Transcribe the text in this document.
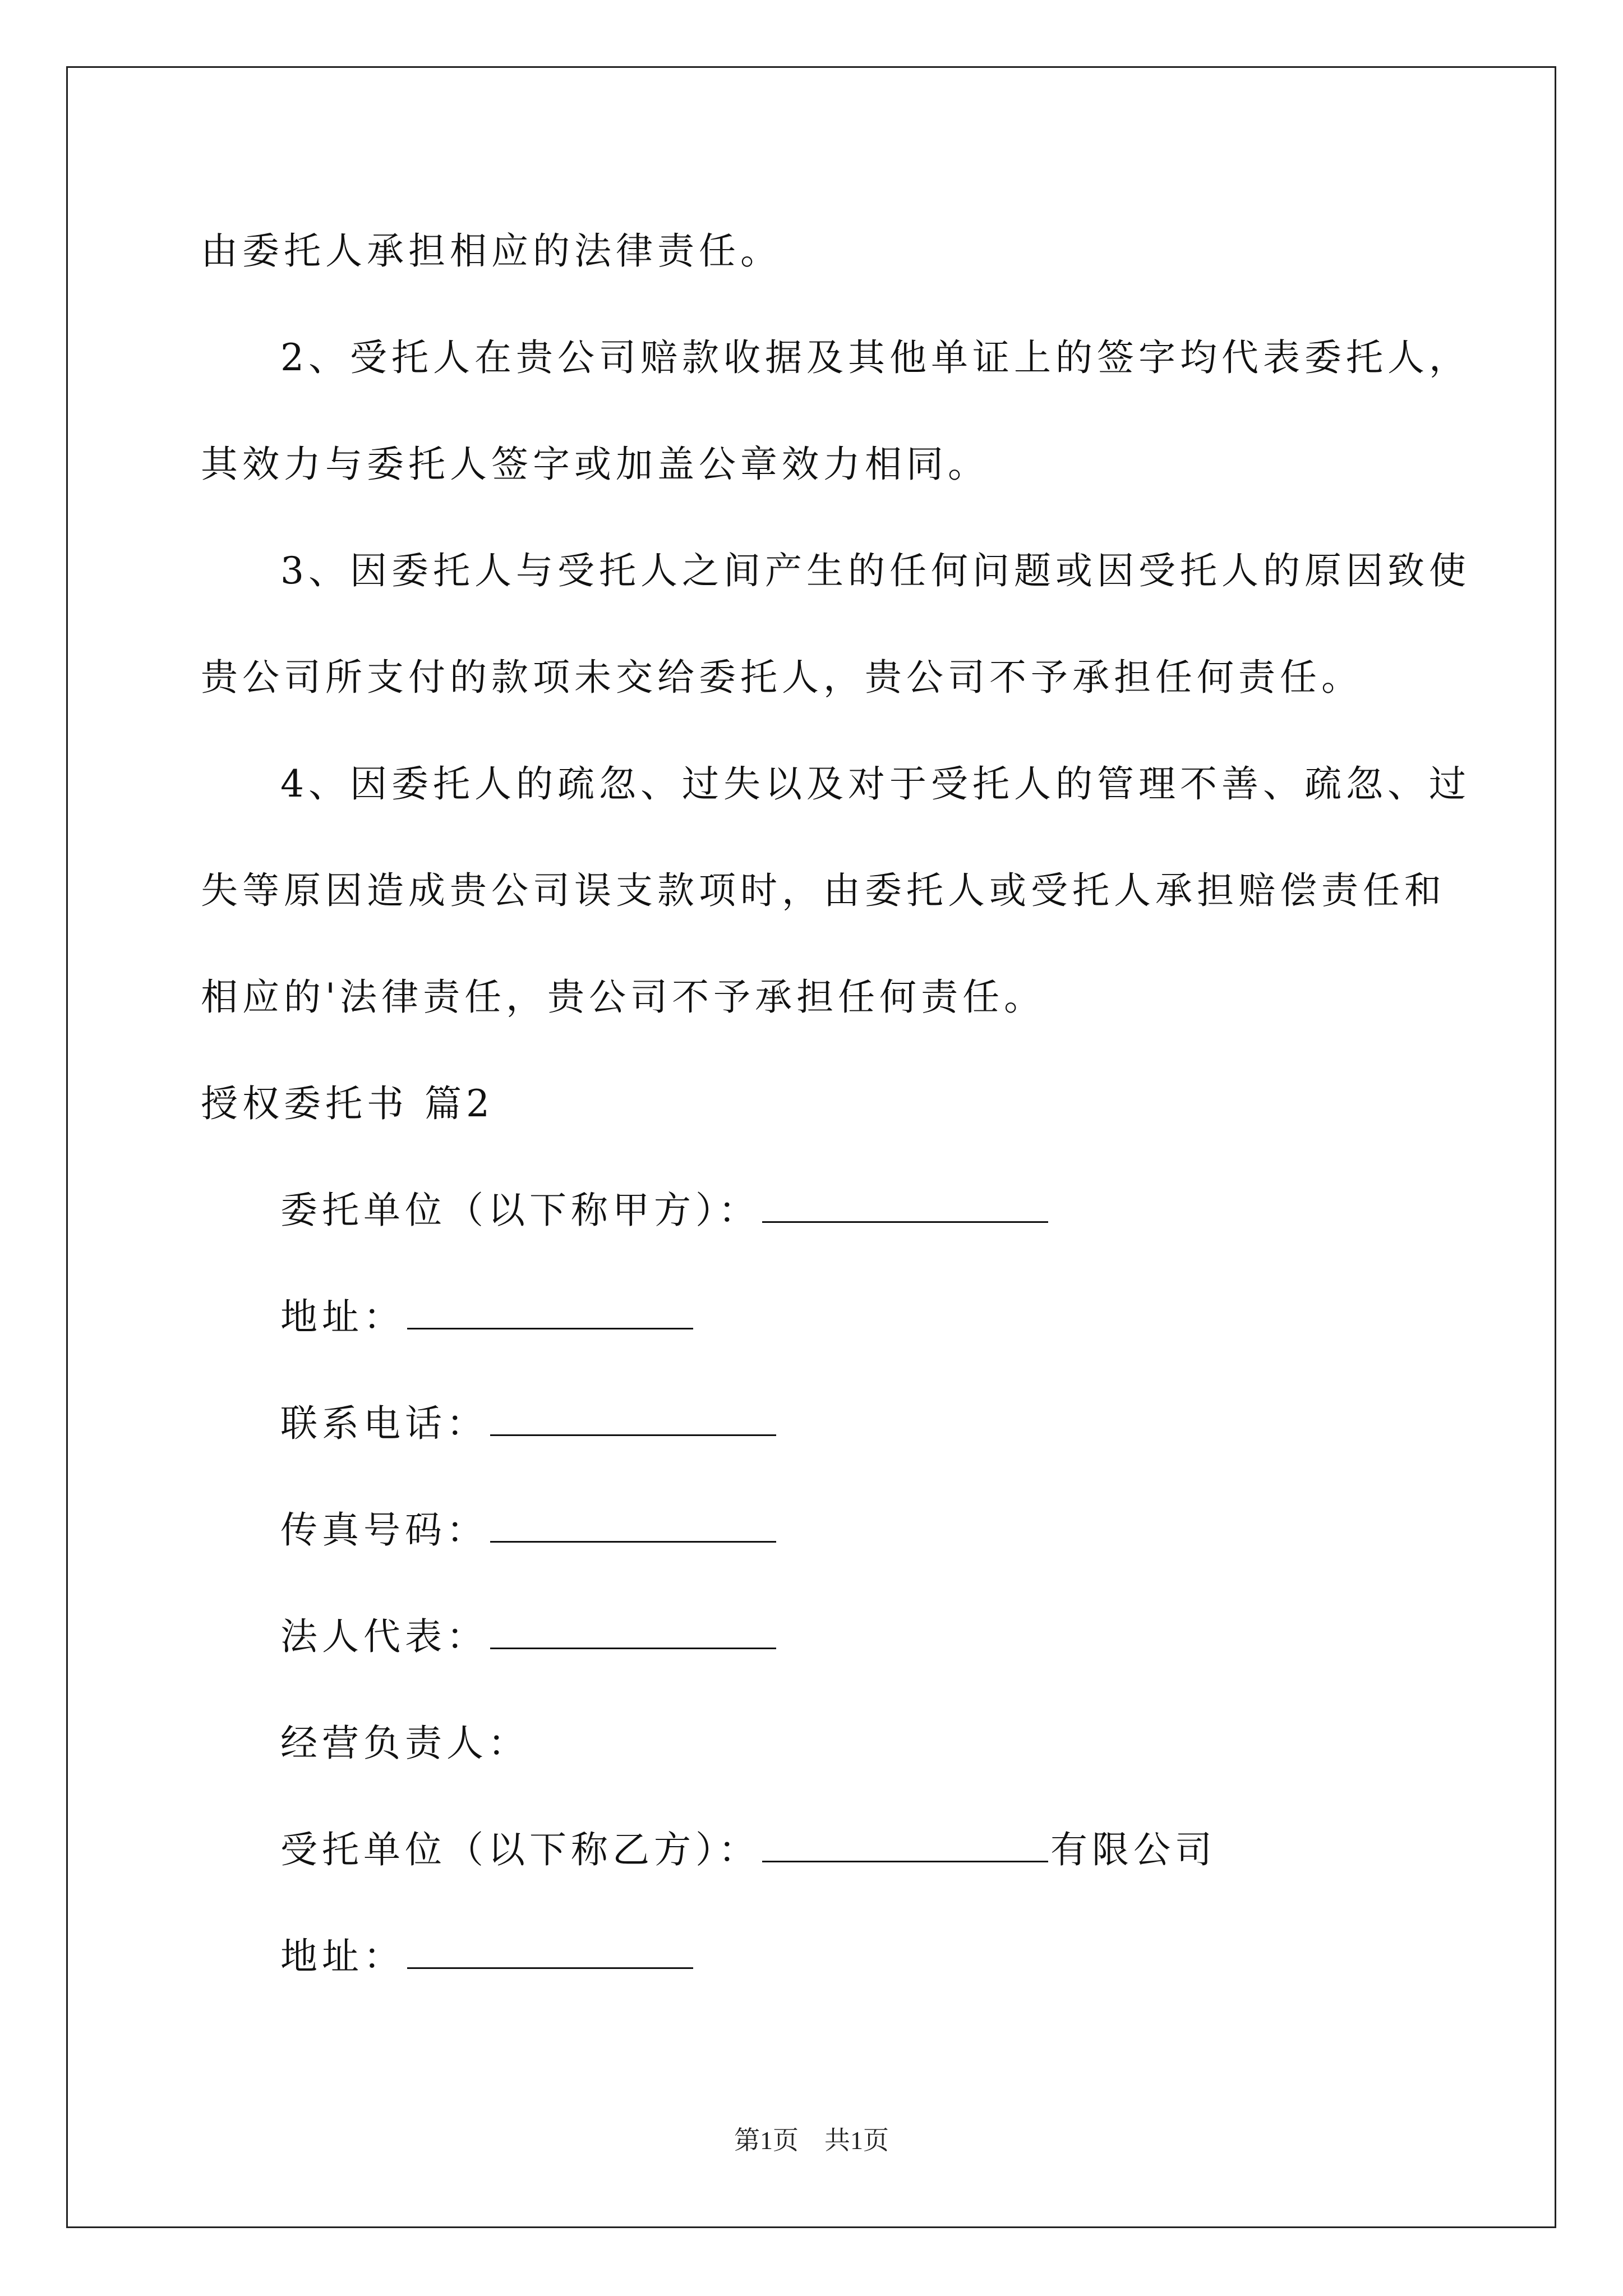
由委托人承担相应的法律责任。
2、受托人在贵公司赔款收据及其他单证上的签字均代表委托人，
其效力与委托人签字或加盖公章效力相同。
3、因委托人与受托人之间产生的任何问题或因受托人的原因致使
贵公司所支付的款项未交给委托人，贵公司不予承担任何责任。
4、因委托人的疏忽、过失以及对于受托人的管理不善、疏忽、过
失等原因造成贵公司误支款项时，由委托人或受托人承担赔偿责任和
相应的'法律责任，贵公司不予承担任何责任。
授权委托书 篇2
委托单位（以下称甲方）：
地址：
联系电话：
传真号码：
法人代表：
经营负责人：
受托单位（以下称乙方）：	有限公司
地址：
第1页　共1页
